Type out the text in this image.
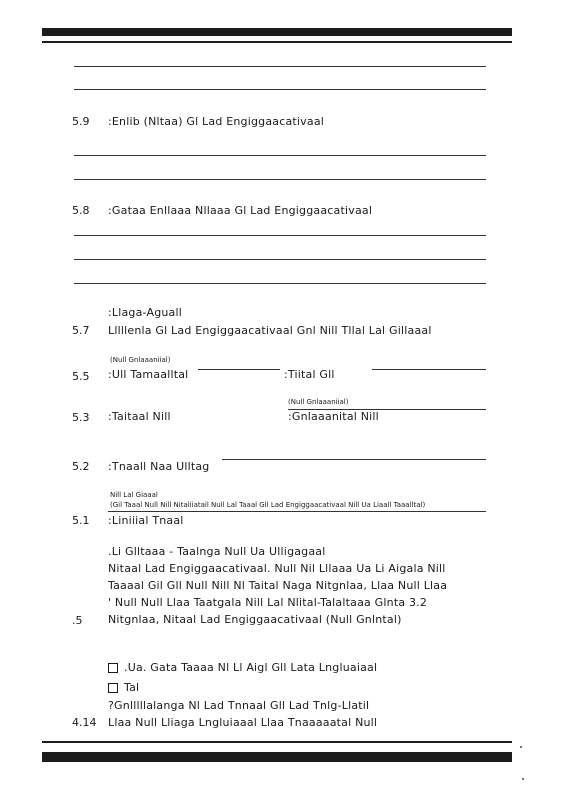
5.9 Enlib (Nltaa) Gl Lad Engiggaacativaal:
5.8 Gataa Enllaaa Nllaaa Gl Lad Engiggaacativaal:
Llaga-Aguall:
5.7 Lllllenla Gl Lad Engiggaacativaal Gnl Nill Tllal Lal Gillaaal
(Null Gnlaaaniial)
5.5 Ull Tamaalltal:	Tiital Gll:
(Null Gnlaaaniial)
5.3 Taitaal Nill:	Gnlaaanital Nill:
5.2 Tnaall Naa Ulltag:
Nill Lal Giaaal
(Gil Taaal Null Nill Nitaliiatail Null Lal Taaal Gll Lad Engiggaacativaal Nill Ua Liaall Taaalltal)
5.1 Liniiial Tnaal:
Li Glltaaa - Taalnga Null Ua Ulligagaal.
Nitaal Lad Engiggaacativaal. Null Nil Lllaaa Ua Li Aigala Nill
Taaaal Gil Gll Null Nill Nl Taital Naga Nitgnlaa, Llaa Null Llaa
Null Null Llaa Taatgala Nill Lal Nlital-Talaltaaa Glnta 3.2 '
5. Nitgnlaa, Nitaal Lad Engiggaacativaal (Null Gnlntal)
Ua. Gata Taaaa Nl Ll Aigl Gll Lata Lngluaiaal.
Tal
Gnlllllalanga Nl Lad Tnnaal Gll Lad Tnlg-Llatil?
4.14 Llaa Null Lliaga Lngluiaaal Llaa Tnaaaaatal Null
